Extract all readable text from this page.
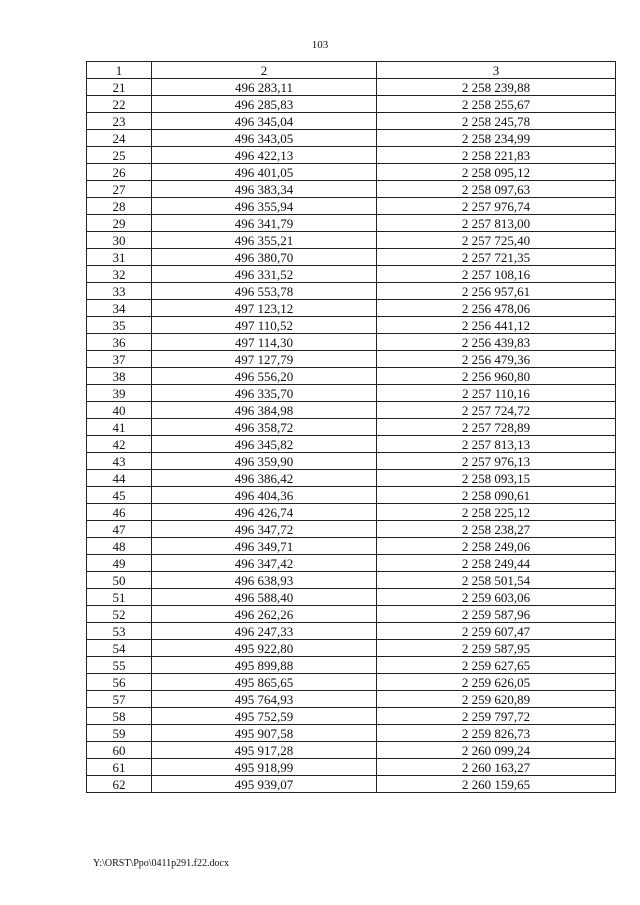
103
1	2	3
21	496 283,11	2 258 239,88
22	496 285,83	2 258 255,67
23	496 345,04	2 258 245,78
24	496 343,05	2 258 234,99
25	496 422,13	2 258 221,83
26	496 401,05	2 258 095,12
27	496 383,34	2 258 097,63
28	496 355,94	2 257 976,74
29	496 341,79	2 257 813,00
30	496 355,21	2 257 725,40
31	496 380,70	2 257 721,35
32	496 331,52	2 257 108,16
33	496 553,78	2 256 957,61
34	497 123,12	2 256 478,06
35	497 110,52	2 256 441,12
36	497 114,30	2 256 439,83
37	497 127,79	2 256 479,36
38	496 556,20	2 256 960,80
39	496 335,70	2 257 110,16
40	496 384,98	2 257 724,72
41	496 358,72	2 257 728,89
42	496 345,82	2 257 813,13
43	496 359,90	2 257 976,13
44	496 386,42	2 258 093,15
45	496 404,36	2 258 090,61
46	496 426,74	2 258 225,12
47	496 347,72	2 258 238,27
48	496 349,71	2 258 249,06
49	496 347,42	2 258 249,44
50	496 638,93	2 258 501,54
51	496 588,40	2 259 603,06
52	496 262,26	2 259 587,96
53	496 247,33	2 259 607,47
54	495 922,80	2 259 587,95
55	495 899,88	2 259 627,65
56	495 865,65	2 259 626,05
57	495 764,93	2 259 620,89
58	495 752,59	2 259 797,72
59	495 907,58	2 259 826,73
60	495 917,28	2 260 099,24
61	495 918,99	2 260 163,27
62	495 939,07	2 260 159,65
Y:\ORST\Ppo\0411p291.f22.docx
